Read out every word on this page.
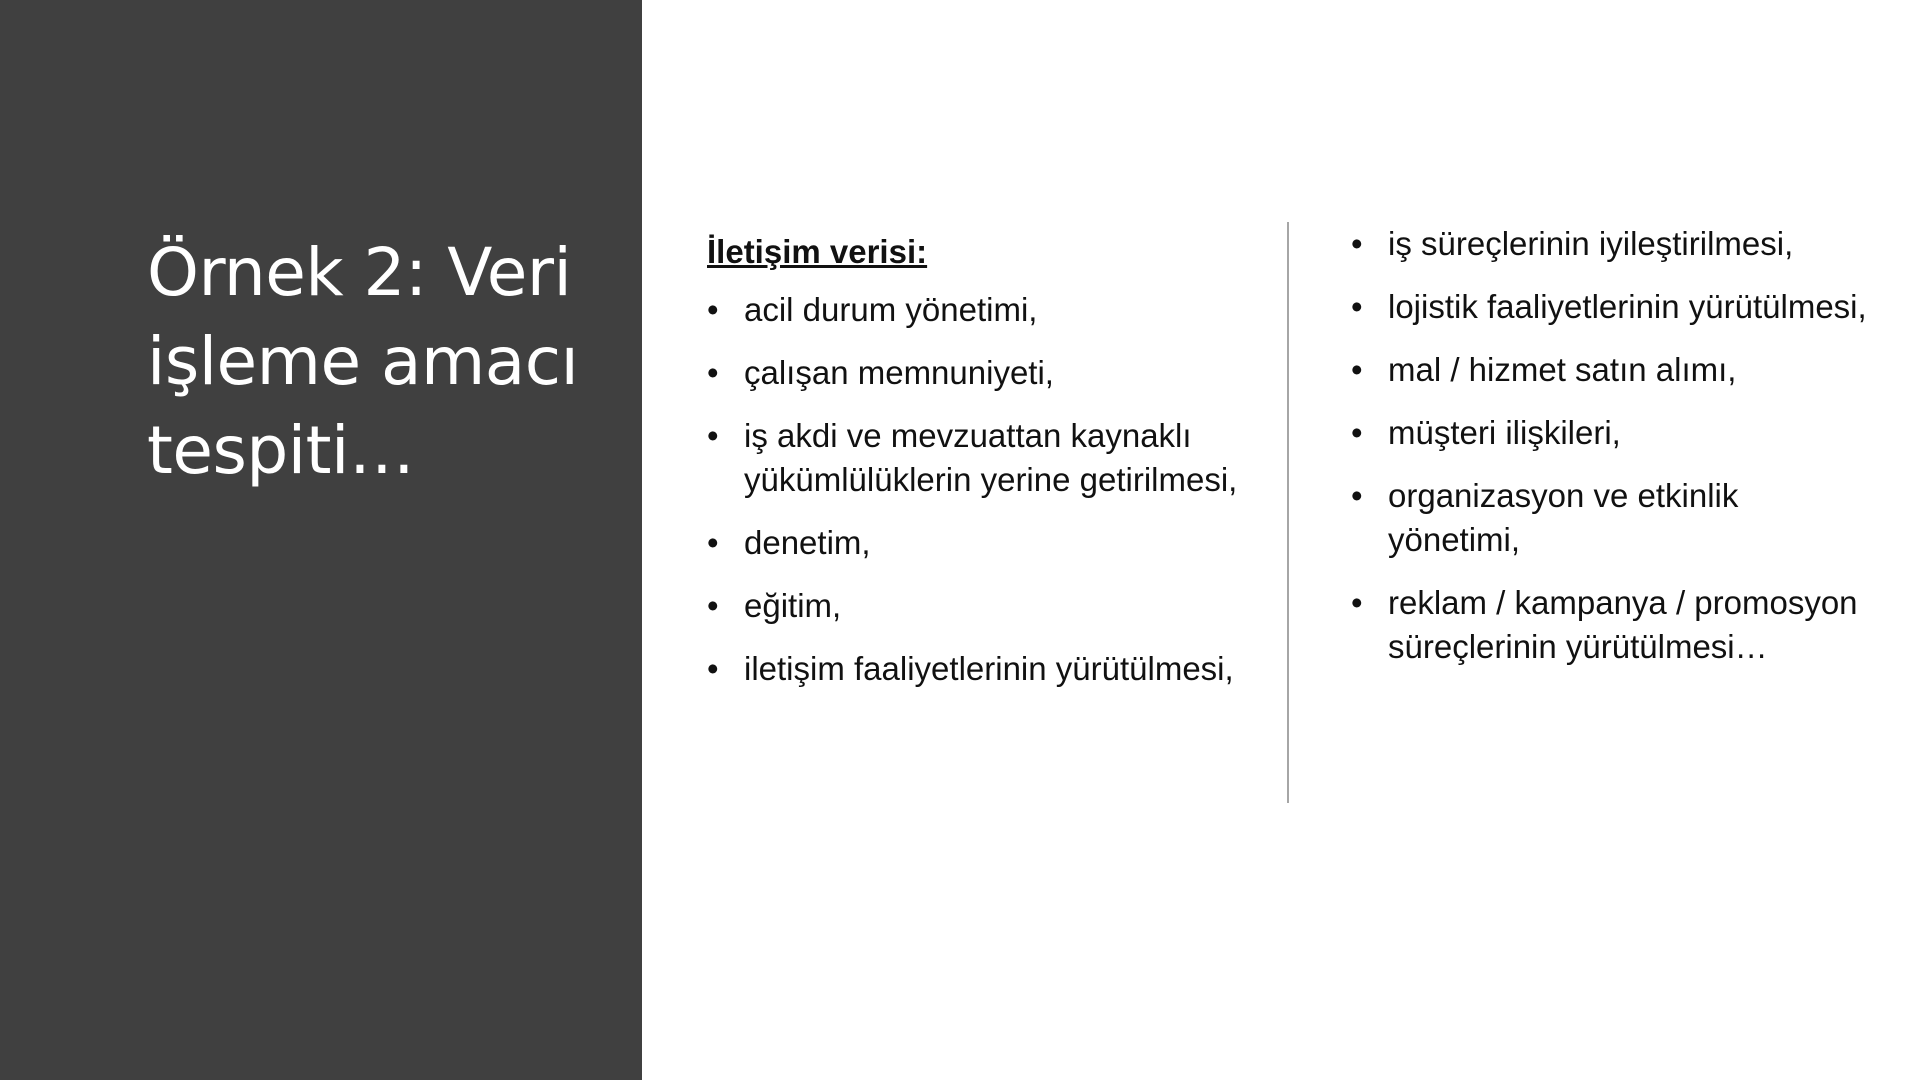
Örnek 2: Veri işleme amacı tespiti…
İletişim verisi:
• acil durum yönetimi,
• çalışan memnuniyeti,
• iş akdi ve mevzuattan kaynaklı yükümlülüklerin yerine getirilmesi,
• denetim,
• eğitim,
• iletişim faaliyetlerinin yürütülmesi,
• iş süreçlerinin iyileştirilmesi,
• lojistik faaliyetlerinin yürütülmesi,
• mal / hizmet satın alımı,
• müşteri ilişkileri,
• organizasyon ve etkinlik yönetimi,
• reklam / kampanya / promosyon süreçlerinin yürütülmesi…
